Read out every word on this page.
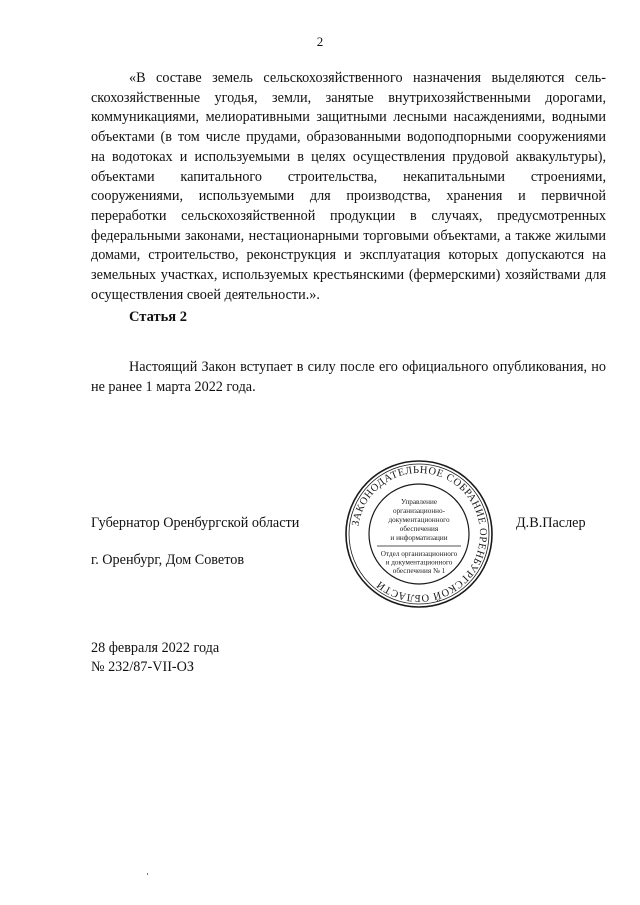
2

«В составе земель сельскохозяйственного назначения выделяются сельскохозяйственные угодья, земли, занятые внутрихозяйственными дорогами, коммуникациями, мелиоративными защитными лесными насаждениями, водными объектами (в том числе прудами, образованными водоподпорными сооружениями на водотоках и используемыми в целях осуществления прудовой аквакультуры), объектами капитального строительства, некапитальными строениями, сооружениями, используемыми для производства, хранения и первичной переработки сельскохозяйственной продукции в случаях, предусмотренных федеральными законами, нестационарными торговыми объектами, а также жилыми домами, строительство, реконструкция и эксплуатация которых допускаются на земельных участках, используемых крестьянскими (фермерскими) хозяйствами для осуществления своей деятельности.».

Статья 2

Настоящий Закон вступает в силу после его официального опубликования, но не ранее 1 марта 2022 года.

Губернатор Оренбургской области	ЗАКОНОДАТЕЛЬНОЕ СОБРАНИЕ ОРЕНБУРГСКОЙ ОБЛАСТИ
Управление
организационно-
документационного
обеспечения
и информатизации
Отдел организационного
и документационного
обеспечения № 1
Д.В.Паслер
г. Оренбург, Дом Советов
28 февраля 2022 года
№ 232/87-VII-ОЗ
